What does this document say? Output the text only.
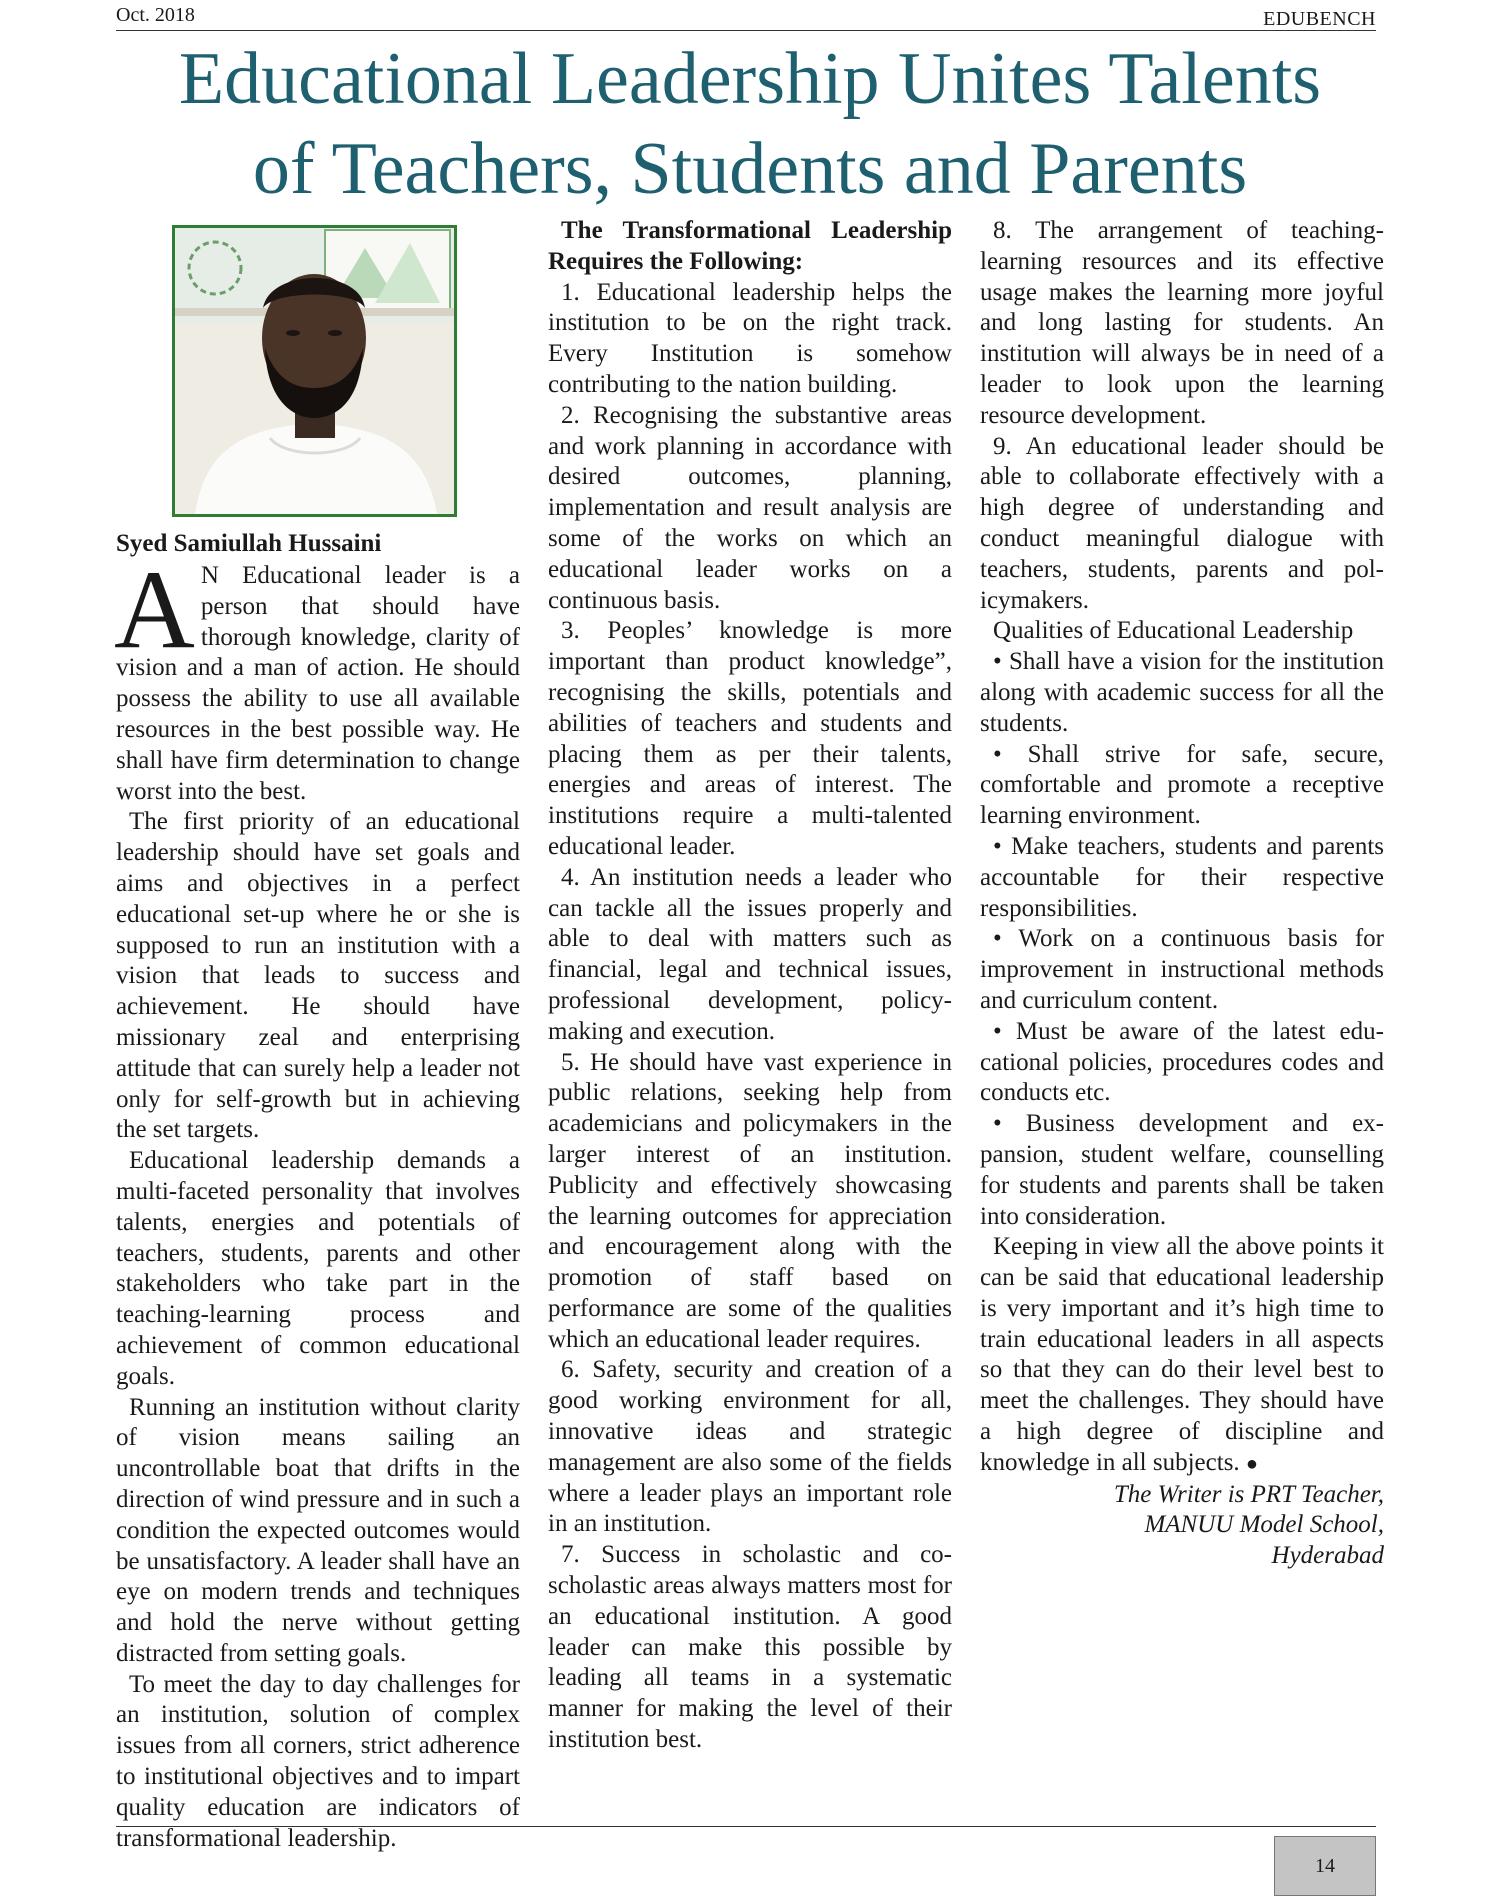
Oct. 2018	EDUBENCH
Educational Leadership Unites Talents
of Teachers, Students and Parents
Syed Samiullah Hussaini

A N Educational leader is a person that should have thorough knowledge, clarity of vision and a man of action. He should possess the ability to use all available resources in the best possible way. He shall have firm determination to change worst into the best.

The first priority of an educational leadership should have set goals and aims and objectives in a perfect educational set-up where he or she is supposed to run an institution with a vision that leads to success and achievement. He should have missionary zeal and enterprising attitude that can surely help a leader not only for self-growth but in achieving the set targets.

Educational leadership demands a multi-faceted personality that involves talents, energies and potentials of teachers, students, parents and other stakeholders who take part in the teaching-learning process and achievement of common educational goals.

Running an institution without clarity of vision means sailing an uncontrollable boat that drifts in the direction of wind pressure and in such a condition the expected outcomes would be unsatisfactory. A leader shall have an eye on modern trends and techniques and hold the nerve without getting distracted from setting goals.

To meet the day to day challenges for an institution, solution of complex issues from all corners, strict adherence to institutional objectives and to impart quality education are indicators of transformational leadership.

The Transformational Leadership Requires the Following:

1. Educational leadership helps the institution to be on the right track. Every Institution is somehow contributing to the nation building.

2. Recognising the substantive areas and work planning in accordance with desired outcomes, planning, implementation and result analysis are some of the works on which an educational leader works on a continuous basis.

3. Peoples’ knowledge is more important than product knowledge”, recognising the skills, potentials and abilities of teachers and students and placing them as per their talents, energies and areas of interest. The institutions require a multi-talented educational leader.

4. An institution needs a leader who can tackle all the issues properly and able to deal with matters such as financial, legal and technical issues, professional development, policy-making and execution.

5. He should have vast experience in public relations, seeking help from academicians and policymakers in the larger interest of an institution. Publicity and effectively showcasing the learning outcomes for appreciation and encouragement along with the promotion of staff based on performance are some of the qualities which an educational leader requires.

6. Safety, security and creation of a good working environment for all, innovative ideas and strategic management are also some of the fields where a leader plays an important role in an institution.

7. Success in scholastic and co-scholastic areas always matters most for an educational institution. A good leader can make this possible by leading all teams in a systematic manner for making the level of their institution best.

8. The arrangement of teaching-learning resources and its effective usage makes the learning more joyful and long lasting for students. An institution will always be in need of a leader to look upon the learning resource development.

9. An educational leader should be able to collaborate effectively with a high degree of understanding and conduct meaningful dialogue with teachers, students, parents and policymakers.

Qualities of Educational Leadership

• Shall have a vision for the institution along with academic success for all the students.

• Shall strive for safe, secure, comfortable and promote a receptive learning environment.

• Make teachers, students and parents accountable for their respective responsibilities.

• Work on a continuous basis for improvement in instructional methods and curriculum content.

• Must be aware of the latest educational policies, procedures codes and conducts etc.

• Business development and expansion, student welfare, counselling for students and parents shall be taken into consideration.

Keeping in view all the above points it can be said that educational leadership is very important and it’s high time to train educational leaders in all aspects so that they can do their level best to meet the challenges. They should have a high degree of discipline and knowledge in all subjects. ●

The Writer is PRT Teacher,

MANUU Model School,

Hyderabad

14
